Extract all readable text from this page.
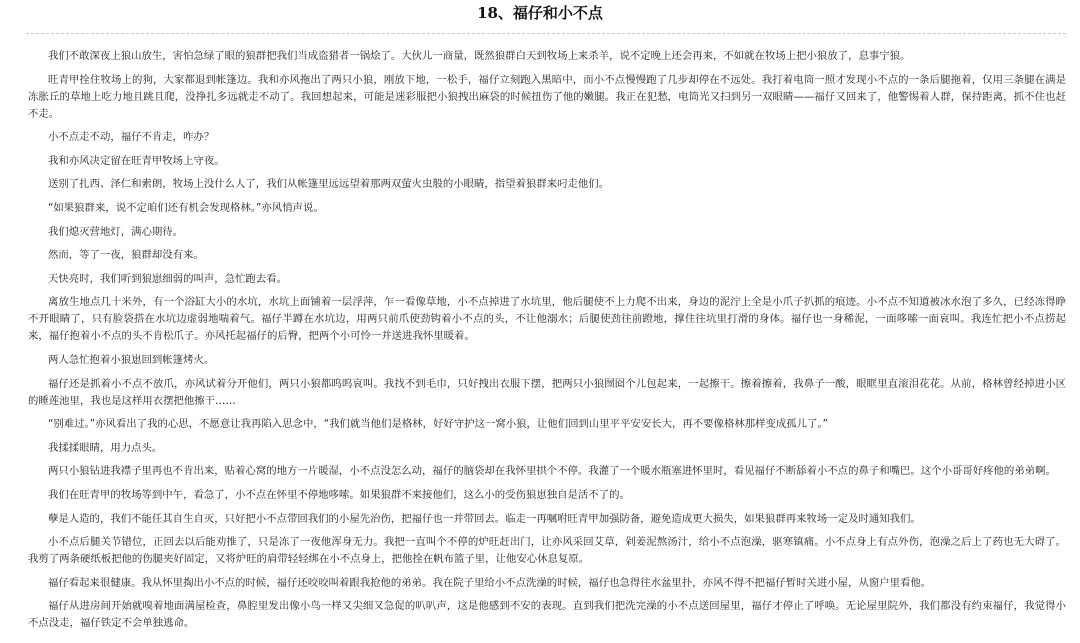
18、福仔和小不点

我们不敢深夜上狼山放生，害怕急绿了眼的狼群把我们当成盗猎者一锅烩了。大伙儿一商量，既然狼群白天到牧场上来杀羊，说不定晚上还会再来，不如就在牧场上把小狼放了，息事宁狼。

旺青甲拴住牧场上的狗，大家都退到帐篷边。我和亦风拖出了两只小狼，刚放下地，一松手，福仔立刻跑入黑暗中，而小不点慢慢跑了几步却停在不远处。我打着电筒一照才发现小不点的一条后腿拖着，仅用三条腿在满是冻胀丘的草地上吃力地且跳且爬，没挣扎多远就走不动了。我回想起来，可能是迷彩服把小狼拽出麻袋的时候扭伤了他的嫩腿。我正在犯愁，电筒光又扫到另一双眼睛——福仔又回来了，他警惕着人群，保持距离，抓不住也赶不走。

小不点走不动，福仔不肯走，咋办？

我和亦风决定留在旺青甲牧场上守夜。

送别了扎西、泽仁和索朗，牧场上没什么人了，我们从帐篷里远远望着那两双萤火虫般的小眼睛，指望着狼群来叼走他们。

“如果狼群来，说不定咱们还有机会发现格林。”亦风悄声说。

我们熄灭营地灯，满心期待。

然而，等了一夜，狼群却没有来。

天快亮时，我们听到狼崽细弱的叫声，急忙跑去看。

离放生地点几十米外，有一个浴缸大小的水坑，水坑上面铺着一层浮萍，乍一看像草地，小不点掉进了水坑里，他后腿使不上力爬不出来，身边的泥泞上全是小爪子扒抓的痕迹。小不点不知道被冰水泡了多久，已经冻得睁不开眼睛了，只有脸袋搭在水坑边虚弱地喘着气。福仔半蹲在水坑边，用两只前爪使劲钩着小不点的头，不让他溺水；后腿使劲往前蹬地，撑住往坑里打滑的身体。福仔也一身稀泥，一面哆嗦一面哀叫。我连忙把小不点捞起来，福仔抱着小不点的头不肯松爪子。亦风托起福仔的后臀，把两个小可怜一并送进我怀里暖着。

两人急忙抱着小狼崽回到帐篷烤火。

福仔还是抓着小不点不放爪，亦风试着分开他们，两只小狼都呜呜哀叫。我找不到毛巾，只好拽出衣服下摆，把两只小狼囫囵个儿包起来，一起擦干。擦着擦着，我鼻子一酸，眼眶里直滚泪花花。从前，格林曾经掉进小区的睡莲池里，我也是这样用衣摆把他擦干……

“别难过。”亦风看出了我的心思，不愿意让我再陷入思念中，“我们就当他们是格林，好好守护这一窝小狼，让他们回到山里平平安安长大，再不要像格林那样变成孤儿了。”

我揉揉眼睛，用力点头。

两只小狼钻进我襟子里再也不肯出来，贴着心窝的地方一片暖湿，小不点没怎么动，福仔的脑袋却在我怀里拱个不停。我灌了一个暖水瓶塞进怀里时，看见福仔不断舔着小不点的鼻子和嘴巴。这个小哥哥好疼他的弟弟啊。

我们在旺青甲的牧场等到中午，看急了，小不点在怀里不停地哆嗦。如果狼群不来接他们，这么小的受伤狼崽独自是活不了的。

孽是人造的，我们不能任其自生自灭，只好把小不点带回我们的小屋先治伤，把福仔也一并带回去。临走一再嘱咐旺青甲加强防备，避免造成更大损失，如果狼群再来牧场一定及时通知我们。

小不点后腿关节错位，正回去以后能劝推了，只是冻了一夜他浑身无力。我把一直叫个不停的炉旺赶出门，让亦风采回艾草，剁姜泥熬汤汁，给小不点泡澡，驱寒镇痛。小不点身上有点外伤，泡澡之后上了药也无大碍了。我剪了两条硬纸板把他的伤腿夹好固定，又将炉旺的肩带轻轻绑在小不点身上，把他拴在帆布篮子里，让他安心休息复原。

福仔看起来很健康。我从怀里掏出小不点的时候，福仔还咬咬叫着跟我抢他的弟弟。我在院子里给小不点洗澡的时候，福仔也急得往水盆里扑，亦风不得不把福仔暂时关进小屋，从窗户里看他。

福仔从进房间开始就嗅着地面满屋检查，鼻腔里发出像小鸟一样又尖细又急促的叭叭声，这是他感到不安的表现。直到我们把洗完澡的小不点送回屋里，福仔才停止了呼唤。无论屋里院外，我们都没有约束福仔，我觉得小不点没走，福仔铁定不会单独逃命。
